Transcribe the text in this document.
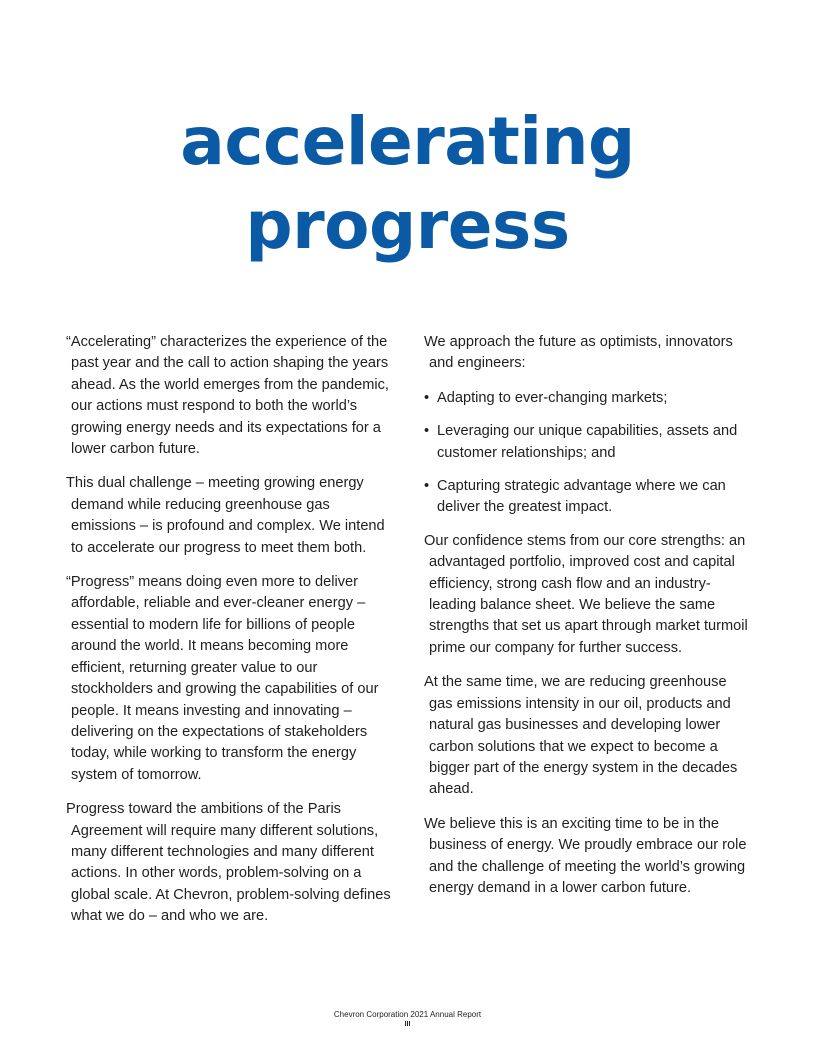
accelerating
progress

“Accelerating” characterizes the experience of the past year and the call to action shaping the years ahead. As the world emerges from the pandemic, our actions must respond to both the world’s growing energy needs and its expectations for a lower carbon future.

This dual challenge – meeting growing energy demand while reducing greenhouse gas emissions – is profound and complex. We intend to accelerate our progress to meet them both.

“Progress” means doing even more to deliver affordable, reliable and ever-cleaner energy – essential to modern life for billions of people around the world. It means becoming more efficient, returning greater value to our stockholders and growing the capabilities of our people. It means investing and innovating – delivering on the expectations of stakeholders today, while working to transform the energy system of tomorrow.

Progress toward the ambitions of the Paris Agreement will require many different solutions, many different technologies and many different actions. In other words, problem-solving on a global scale. At Chevron, problem-solving defines what we do – and who we are.

We approach the future as optimists, innovators and engineers:

• Adapting to ever-changing markets;
• Leveraging our unique capabilities, assets and customer relationships; and
• Capturing strategic advantage where we can deliver the greatest impact.

Our confidence stems from our core strengths: an advantaged portfolio, improved cost and capital efficiency, strong cash flow and an industry-leading balance sheet. We believe the same strengths that set us apart through market turmoil prime our company for further success.

At the same time, we are reducing greenhouse gas emissions intensity in our oil, products and natural gas businesses and developing lower carbon solutions that we expect to become a bigger part of the energy system in the decades ahead.

We believe this is an exciting time to be in the business of energy. We proudly embrace our role and the challenge of meeting the world’s growing energy demand in a lower carbon future.

Chevron Corporation 2021 Annual Report
III
